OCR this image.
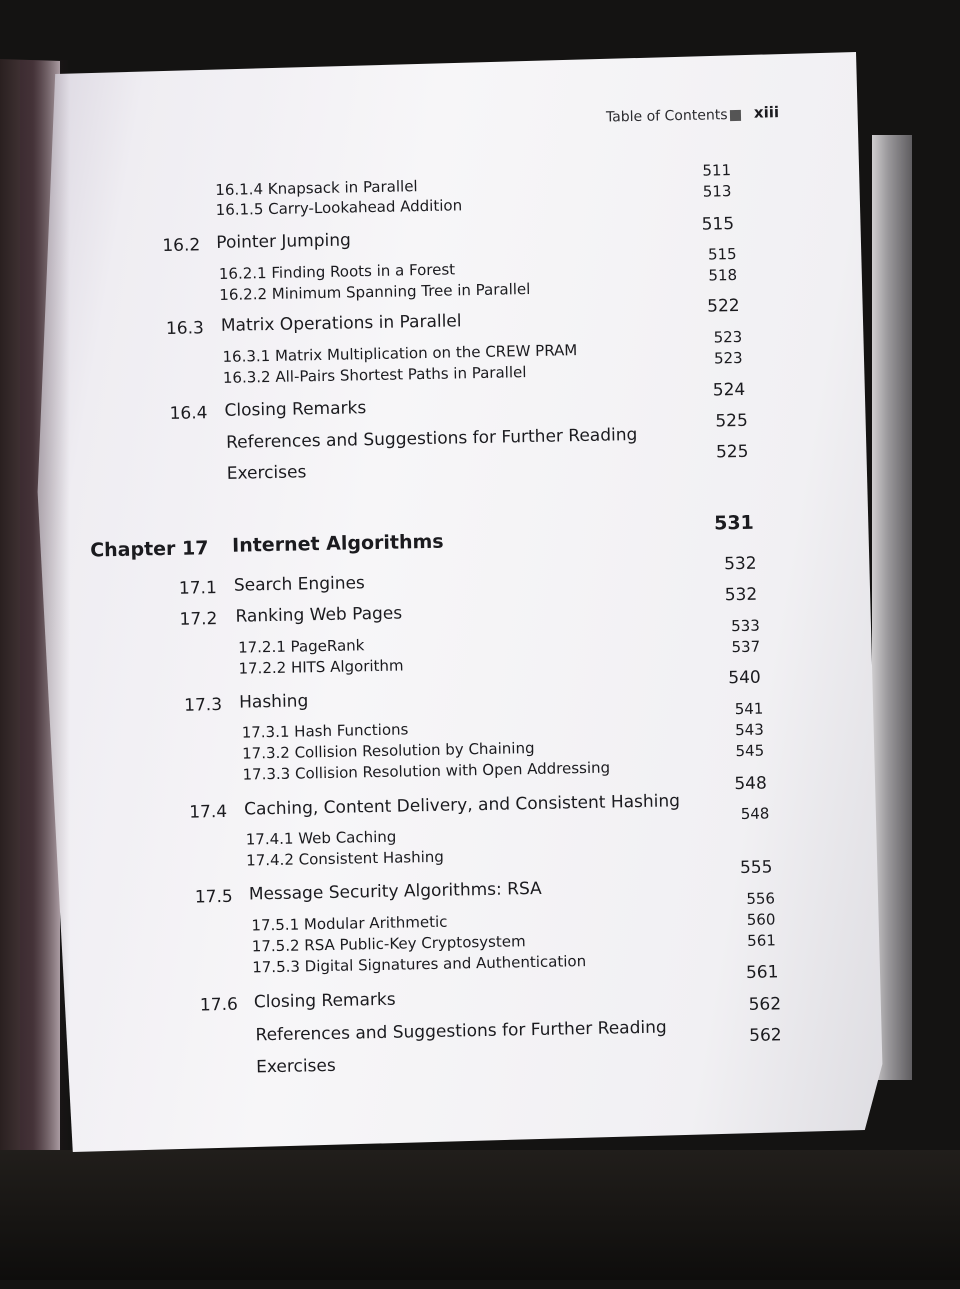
Table of Contents xiii
16.1.4 Knapsack in Parallel
511
16.1.5 Carry-Lookahead Addition
513
16.2 Pointer Jumping
515
16.2.1 Finding Roots in a Forest
515
16.2.2 Minimum Spanning Tree in Parallel
518
16.3 Matrix Operations in Parallel
522
16.3.1 Matrix Multiplication on the CREW PRAM
523
16.3.2 All-Pairs Shortest Paths in Parallel
523
16.4 Closing Remarks
524
References and Suggestions for Further Reading
525
Exercises
525
Chapter 17 Internet Algorithms
531
17.1 Search Engines
532
17.2 Ranking Web Pages
532
17.2.1 PageRank
533
17.2.2 HITS Algorithm
537
17.3 Hashing
540
17.3.1 Hash Functions
541
17.3.2 Collision Resolution by Chaining
543
17.3.3 Collision Resolution with Open Addressing
545
17.4 Caching, Content Delivery, and Consistent Hashing
548
17.4.1 Web Caching
548
17.4.2 Consistent Hashing
17.5 Message Security Algorithms: RSA
555
17.5.1 Modular Arithmetic
556
17.5.2 RSA Public-Key Cryptosystem
560
17.5.3 Digital Signatures and Authentication
561
17.6 Closing Remarks
561
References and Suggestions for Further Reading
562
Exercises
562
